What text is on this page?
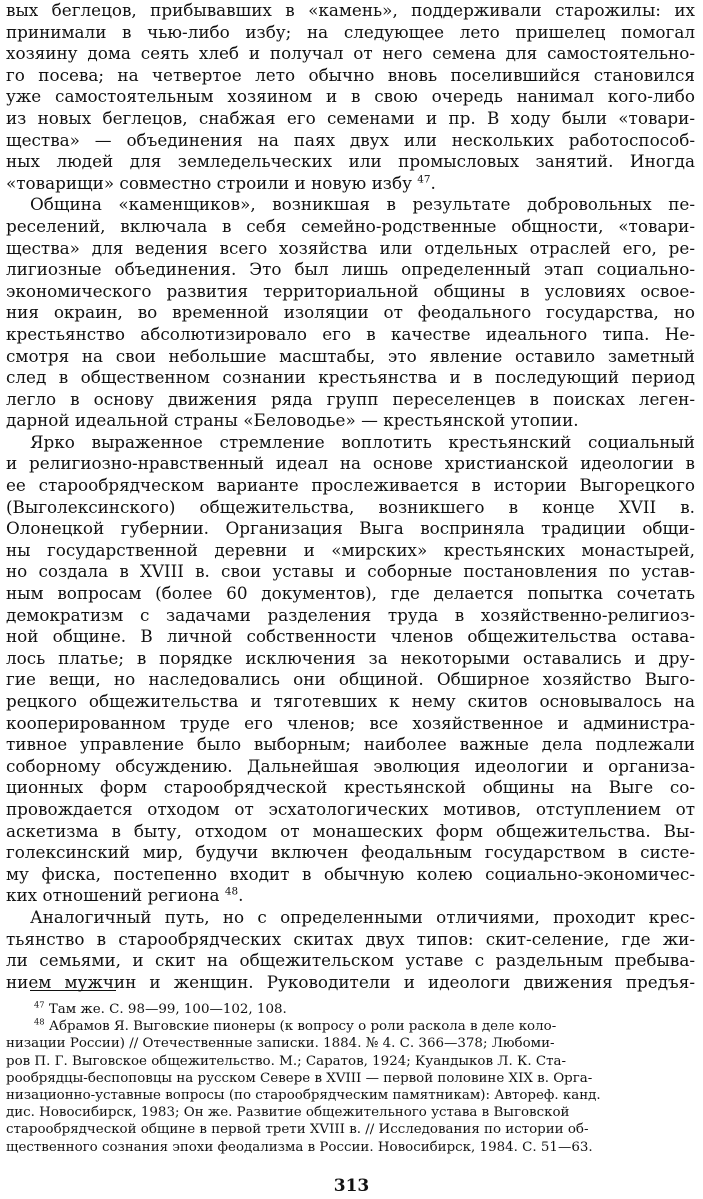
вых беглецов, прибывавших в «камень», поддерживали старожилы: их
принимали в чью-либо избу; на следующее лето пришелец помогал
хозяину дома сеять хлеб и получал от него семена для самостоятельно-
го посева; на четвертое лето обычно вновь поселившийся становился
уже самостоятельным хозяином и в свою очередь нанимал кого-либо
из новых беглецов, снабжая его семенами и пр. В ходу были «товари-
щества» — объединения на паях двух или нескольких работоспособ-
ных людей для земледельческих или промысловых занятий. Иногда
«товарищи» совместно строили и новую избу $^{47}$.
Община «каменщиков», возникшая в результате добровольных пе-
реселений, включала в себя семейно-родственные общности, «товари-
щества» для ведения всего хозяйства или отдельных отраслей его, ре-
лигиозные объединения. Это был лишь определенный этап социально-
экономического развития территориальной общины в условиях освое-
ния окраин, во временной изоляции от феодального государства, но
крестьянство абсолютизировало его в качестве идеального типа. Не-
смотря на свои небольшие масштабы, это явление оставило заметный
след в общественном сознании крестьянства и в последующий период
легло в основу движения ряда групп переселенцев в поисках леген-
дарной идеальной страны «Беловодье» — крестьянской утопии.
Ярко выраженное стремление воплотить крестьянский социальный
и религиозно-нравственный идеал на основе христианской идеологии в
ее старообрядческом варианте прослеживается в истории Выгорецкого
(Выголексинского) общежительства, возникшего в конце XVII в.
Олонецкой губернии. Организация Выга восприняла традиции общи-
ны государственной деревни и «мирских» крестьянских монастырей,
но создала в XVIII в. свои уставы и соборные постановления по устав-
ным вопросам (более 60 документов), где делается попытка сочетать
демократизм с задачами разделения труда в хозяйственно-религиоз-
ной общине. В личной собственности членов общежительства остава-
лось платье; в порядке исключения за некоторыми оставались и дру-
гие вещи, но наследовались они общиной. Обширное хозяйство Выго-
рецкого общежительства и тяготевших к нему скитов основывалось на
кооперированном труде его членов; все хозяйственное и администра-
тивное управление было выборным; наиболее важные дела подлежали
соборному обсуждению. Дальнейшая эволюция идеологии и организа-
ционных форм старообрядческой крестьянской общины на Выге со-
провождается отходом от эсхатологических мотивов, отступлением от
аскетизма в быту, отходом от монашеских форм общежительства. Вы-
голексинский мир, будучи включен феодальным государством в систе-
му фиска, постепенно входит в обычную колею социально-экономичес-
ких отношений региона $^{48}$.
Аналогичный путь, но с определенными отличиями, проходит крес-
тьянство в старообрядческих скитах двух типов: скит-селение, где жи-
ли семьями, и скит на общежительском уставе с раздельным пребыва-
нием мужчин и женщин. Руководители и идеологи движения предъя-
$^{47}$ Там же. С. 98—99, 100—102, 108.
$^{48}$ Абрамов Я. Выговские пионеры (к вопросу о роли раскола в деле коло-
низации России) // Отечественные записки. 1884. № 4. С. 366—378; Любоми-
ров П. Г. Выговское общежительство. М.; Саратов, 1924; Куандыков Л. К. Ста-
рообрядцы-беспоповцы на русском Севере в XVIII — первой половине XIX в. Орга-
низационно-уставные вопросы (по старообрядческим памятникам): Автореф. канд.
дис. Новосибирск, 1983; Он же. Развитие общежительного устава в Выговской
старообрядческой общине в первой трети XVIII в. // Исследования по истории об-
щественного сознания эпохи феодализма в России. Новосибирск, 1984. С. 51—63.
313
